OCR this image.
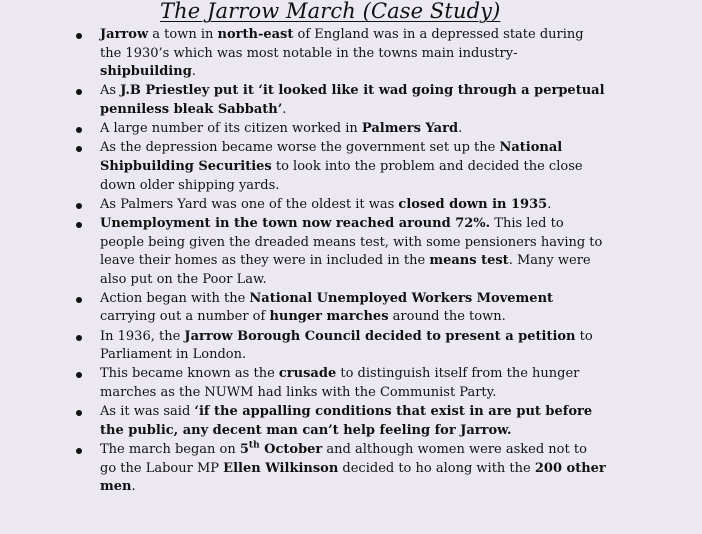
The Jarrow March (Case Study)
Jarrow a town in north-east of England was in a depressed state during the 1930’s which was most notable in the towns main industry-shipbuilding.
As J.B Priestley put it ‘it looked like it wad going through a perpetual penniless bleak Sabbath’.
A large number of its citizen worked in Palmers Yard.
As the depression became worse the government set up the National Shipbuilding Securities to look into the problem and decided the close down older shipping yards.
As Palmers Yard was one of the oldest it was closed down in 1935.
Unemployment in the town now reached around 72%. This led to people being given the dreaded means test, with some pensioners having to leave their homes as they were in included in the means test. Many were also put on the Poor Law.
Action began with the National Unemployed Workers Movement carrying out a number of hunger marches around the town.
In 1936, the Jarrow Borough Council decided to present a petition to Parliament in London.
This became known as the crusade to distinguish itself from the hunger marches as the NUWM had links with the Communist Party.
As it was said ‘if the appalling conditions that exist in are put before the public, any decent man can’t help feeling for Jarrow.
The march began on 5th October and although women were asked not to go the Labour MP Ellen Wilkinson decided to ho along with the 200 other men.
